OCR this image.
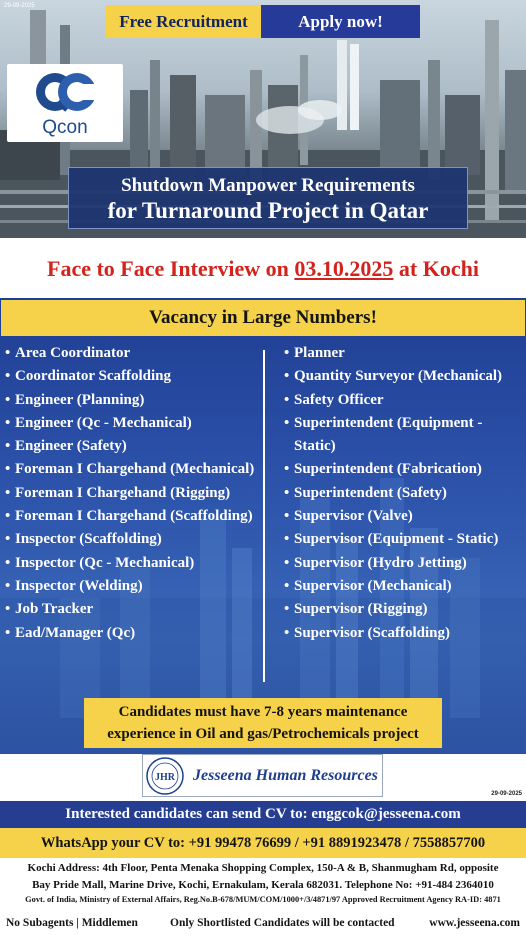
29-09-2025
Free Recruitment	Apply now!
Qcon
Shutdown Manpower Requirements
for Turnaround Project in Qatar
Face to Face Interview on 03.10.2025 at Kochi
Vacancy in Large Numbers!
• Area Coordinator
• Coordinator Scaffolding
• Engineer (Planning)
• Engineer (Qc - Mechanical)
• Engineer (Safety)
• Foreman I Chargehand (Mechanical)
• Foreman I Chargehand (Rigging)
• Foreman I Chargehand (Scaffolding)
• Inspector (Scaffolding)
• Inspector (Qc - Mechanical)
• Inspector (Welding)
• Job Tracker
• Ead/Manager (Qc)
• Planner
• Quantity Surveyor (Mechanical)
• Safety Officer
• Superintendent (Equipment - Static)
• Superintendent (Fabrication)
• Superintendent (Safety)
• Supervisor (Valve)
• Supervisor (Equipment - Static)
• Supervisor (Hydro Jetting)
• Supervisor (Mechanical)
• Supervisor (Rigging)
• Supervisor (Scaffolding)
Candidates must have 7-8 years maintenance
experience in Oil and gas/Petrochemicals project
JHR Jesseena Human Resources
29-09-2025
Interested candidates can send CV to: enggcok@jesseena.com
WhatsApp your CV to: +91 99478 76699 / +91 8891923478 / 7558857700
Kochi Address: 4th Floor, Penta Menaka Shopping Complex, 150-A & B, Shanmugham Rd, opposite
Bay Pride Mall, Marine Drive, Kochi, Ernakulam, Kerala 682031. Telephone No: +91-484 2364010
Govt. of India, Ministry of External Affairs, Reg.No.B-678/MUM/COM/1000+/3/4871/97 Approved Recruitment Agency RA-ID: 4871
No Subagents | Middlemen	Only Shortlisted Candidates will be contacted	www.jesseena.com
